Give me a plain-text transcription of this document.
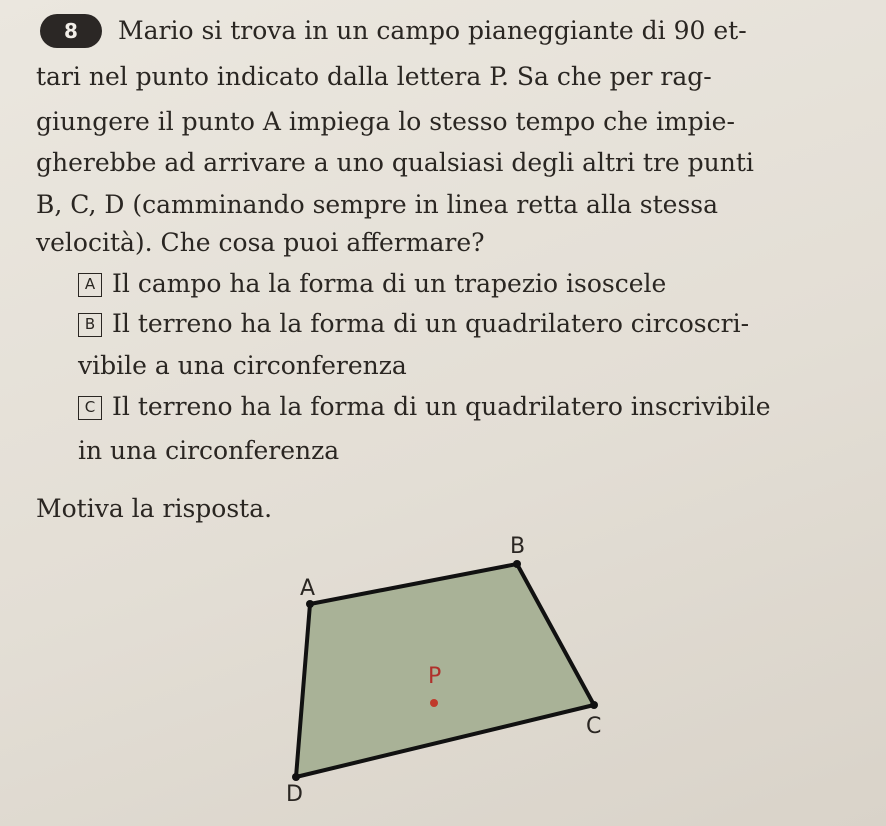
8 Mario si trova in un campo pianeggiante di 90 et-
tari nel punto indicato dalla lettera P. Sa che per rag-
giungere il punto A impiega lo stesso tempo che impie-
gherebbe ad arrivare a uno qualsiasi degli altri tre punti
B, C, D (camminando sempre in linea retta alla stessa
velocità). Che cosa puoi affermare?
A Il campo ha la forma di un trapezio isoscele
B Il terreno ha la forma di un quadrilatero circoscri-
vibile a una circonferenza
C Il terreno ha la forma di un quadrilatero inscrivibile
in una circonferenza
Motiva la risposta.
A
B
C
D
P
